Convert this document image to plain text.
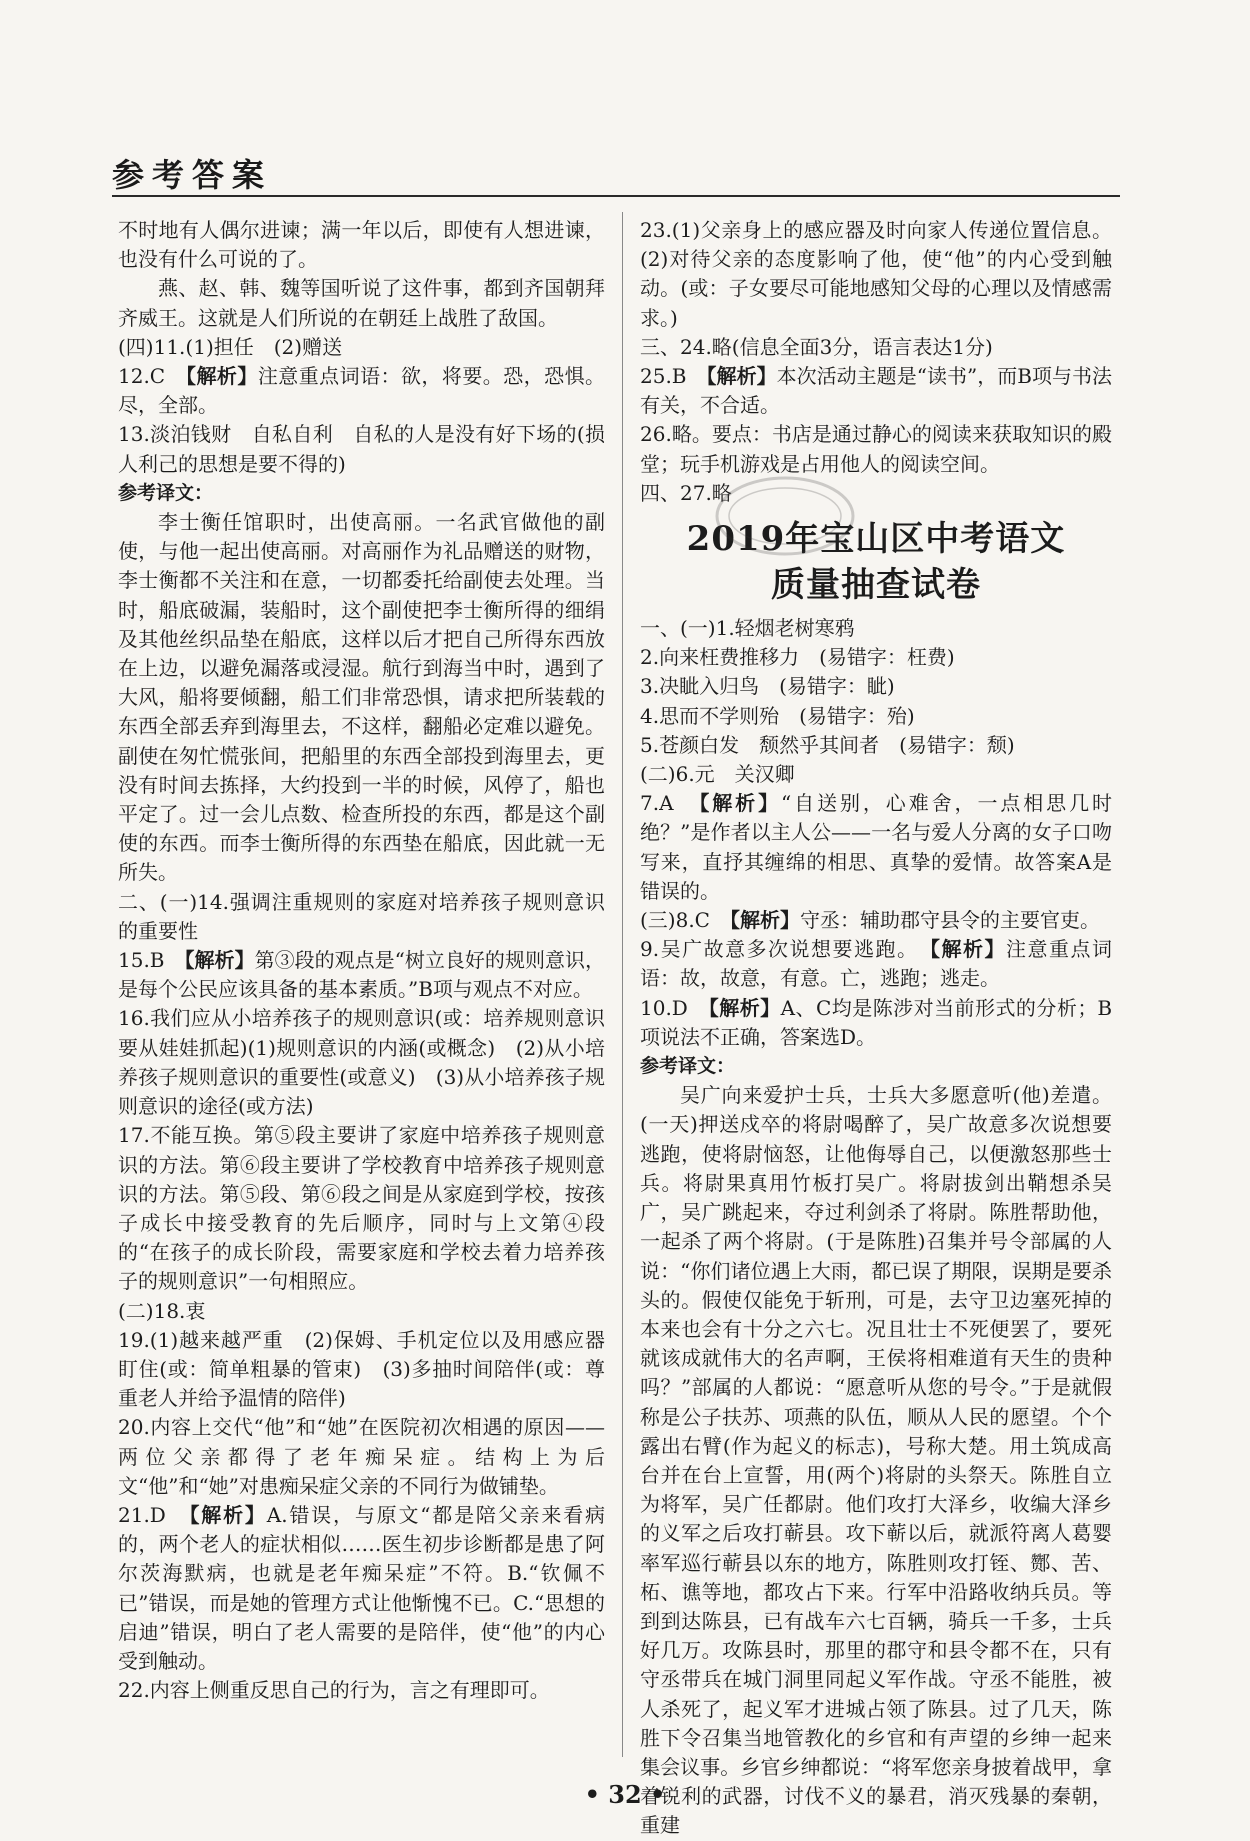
参考答案

不时地有人偶尔进谏；满一年以后，即使有人想进谏，也没有什么可说的了。

燕、赵、韩、魏等国听说了这件事，都到齐国朝拜齐威王。这就是人们所说的在朝廷上战胜了敌国。

(四)11.(1)担任　(2)赠送

12.C　【解析】注意重点词语：欲，将要。恐，恐惧。尽，全部。

13.淡泊钱财　自私自利　自私的人是没有好下场的(损人利己的思想是要不得的)

参考译文：

李士衡任馆职时，出使高丽。一名武官做他的副使，与他一起出使高丽。对高丽作为礼品赠送的财物，李士衡都不关注和在意，一切都委托给副使去处理。当时，船底破漏，装船时，这个副使把李士衡所得的细绢及其他丝织品垫在船底，这样以后才把自己所得东西放在上边，以避免漏落或浸湿。航行到海当中时，遇到了大风，船将要倾翻，船工们非常恐惧，请求把所装载的东西全部丢弃到海里去，不这样，翻船必定难以避免。副使在匆忙慌张间，把船里的东西全部投到海里去，更没有时间去拣择，大约投到一半的时候，风停了，船也平定了。过一会儿点数、检查所投的东西，都是这个副使的东西。而李士衡所得的东西垫在船底，因此就一无所失。

二、(一)14.强调注重规则的家庭对培养孩子规则意识的重要性

15.B　【解析】第③段的观点是“树立良好的规则意识，是每个公民应该具备的基本素质。”B项与观点不对应。

16.我们应从小培养孩子的规则意识(或：培养规则意识要从娃娃抓起)(1)规则意识的内涵(或概念)　(2)从小培养孩子规则意识的重要性(或意义)　(3)从小培养孩子规则意识的途径(或方法)

17.不能互换。第⑤段主要讲了家庭中培养孩子规则意识的方法。第⑥段主要讲了学校教育中培养孩子规则意识的方法。第⑤段、第⑥段之间是从家庭到学校，按孩子成长中接受教育的先后顺序，同时与上文第④段的“在孩子的成长阶段，需要家庭和学校去着力培养孩子的规则意识”一句相照应。

(二)18.衷

19.(1)越来越严重　(2)保姆、手机定位以及用感应器盯住(或：简单粗暴的管束)　(3)多抽时间陪伴(或：尊重老人并给予温情的陪伴)

20.内容上交代“他”和“她”在医院初次相遇的原因——两位父亲都得了老年痴呆症。结构上为后文“他”和“她”对患痴呆症父亲的不同行为做铺垫。

21.D　【解析】A.错误，与原文“都是陪父亲来看病的，两个老人的症状相似……医生初步诊断都是患了阿尔茨海默病，也就是老年痴呆症”不符。B.“钦佩不已”错误，而是她的管理方式让他惭愧不已。C.“思想的启迪”错误，明白了老人需要的是陪伴，使“他”的内心受到触动。

22.内容上侧重反思自己的行为，言之有理即可。

23.(1)父亲身上的感应器及时向家人传递位置信息。(2)对待父亲的态度影响了他，使“他”的内心受到触动。(或：子女要尽可能地感知父母的心理以及情感需求。)

三、24.略(信息全面3分，语言表达1分)

25.B　【解析】本次活动主题是“读书”，而B项与书法有关，不合适。

26.略。要点：书店是通过静心的阅读来获取知识的殿堂；玩手机游戏是占用他人的阅读空间。

四、27.略

2019年宝山区中考语文
质量抽查试卷

一、(一)1.轻烟老树寒鸦

2.向来枉费推移力　(易错字：枉费)

3.决眦入归鸟　(易错字：眦)

4.思而不学则殆　(易错字：殆)

5.苍颜白发　颓然乎其间者　(易错字：颓)

(二)6.元　关汉卿

7.A　【解析】“自送别，心难舍，一点相思几时绝？”是作者以主人公——一名与爱人分离的女子口吻写来，直抒其缠绵的相思、真挚的爱情。故答案A是错误的。

(三)8.C　【解析】守丞：辅助郡守县令的主要官吏。

9.吴广故意多次说想要逃跑。　【解析】注意重点词语：故，故意，有意。亡，逃跑；逃走。

10.D　【解析】A、C均是陈涉对当前形式的分析；B项说法不正确，答案选D。

参考译文：

吴广向来爱护士兵，士兵大多愿意听(他)差遣。(一天)押送戍卒的将尉喝醉了，吴广故意多次说想要逃跑，使将尉恼怒，让他侮辱自己，以便激怒那些士兵。将尉果真用竹板打吴广。将尉拔剑出鞘想杀吴广，吴广跳起来，夺过利剑杀了将尉。陈胜帮助他，一起杀了两个将尉。(于是陈胜)召集并号令部属的人说：“你们诸位遇上大雨，都已误了期限，误期是要杀头的。假使仅能免于斩刑，可是，去守卫边塞死掉的本来也会有十分之六七。况且壮士不死便罢了，要死就该成就伟大的名声啊，王侯将相难道有天生的贵种吗？”部属的人都说：“愿意听从您的号令。”于是就假称是公子扶苏、项燕的队伍，顺从人民的愿望。个个露出右臂(作为起义的标志)，号称大楚。用土筑成高台并在台上宣誓，用(两个)将尉的头祭天。陈胜自立为将军，吴广任都尉。他们攻打大泽乡，收编大泽乡的义军之后攻打蕲县。攻下蕲以后，就派符离人葛婴率军巡行蕲县以东的地方，陈胜则攻打铚、酂、苦、柘、谯等地，都攻占下来。行军中沿路收纳兵员。等到到达陈县，已有战车六七百辆，骑兵一千多，士兵好几万。攻陈县时，那里的郡守和县令都不在，只有守丞带兵在城门洞里同起义军作战。守丞不能胜，被人杀死了，起义军才进城占领了陈县。过了几天，陈胜下令召集当地管教化的乡官和有声望的乡绅一起来集会议事。乡官乡绅都说：“将军您亲身披着战甲，拿着锐利的武器，讨伐不义的暴君，消灭残暴的秦朝，重建

• 32 •
